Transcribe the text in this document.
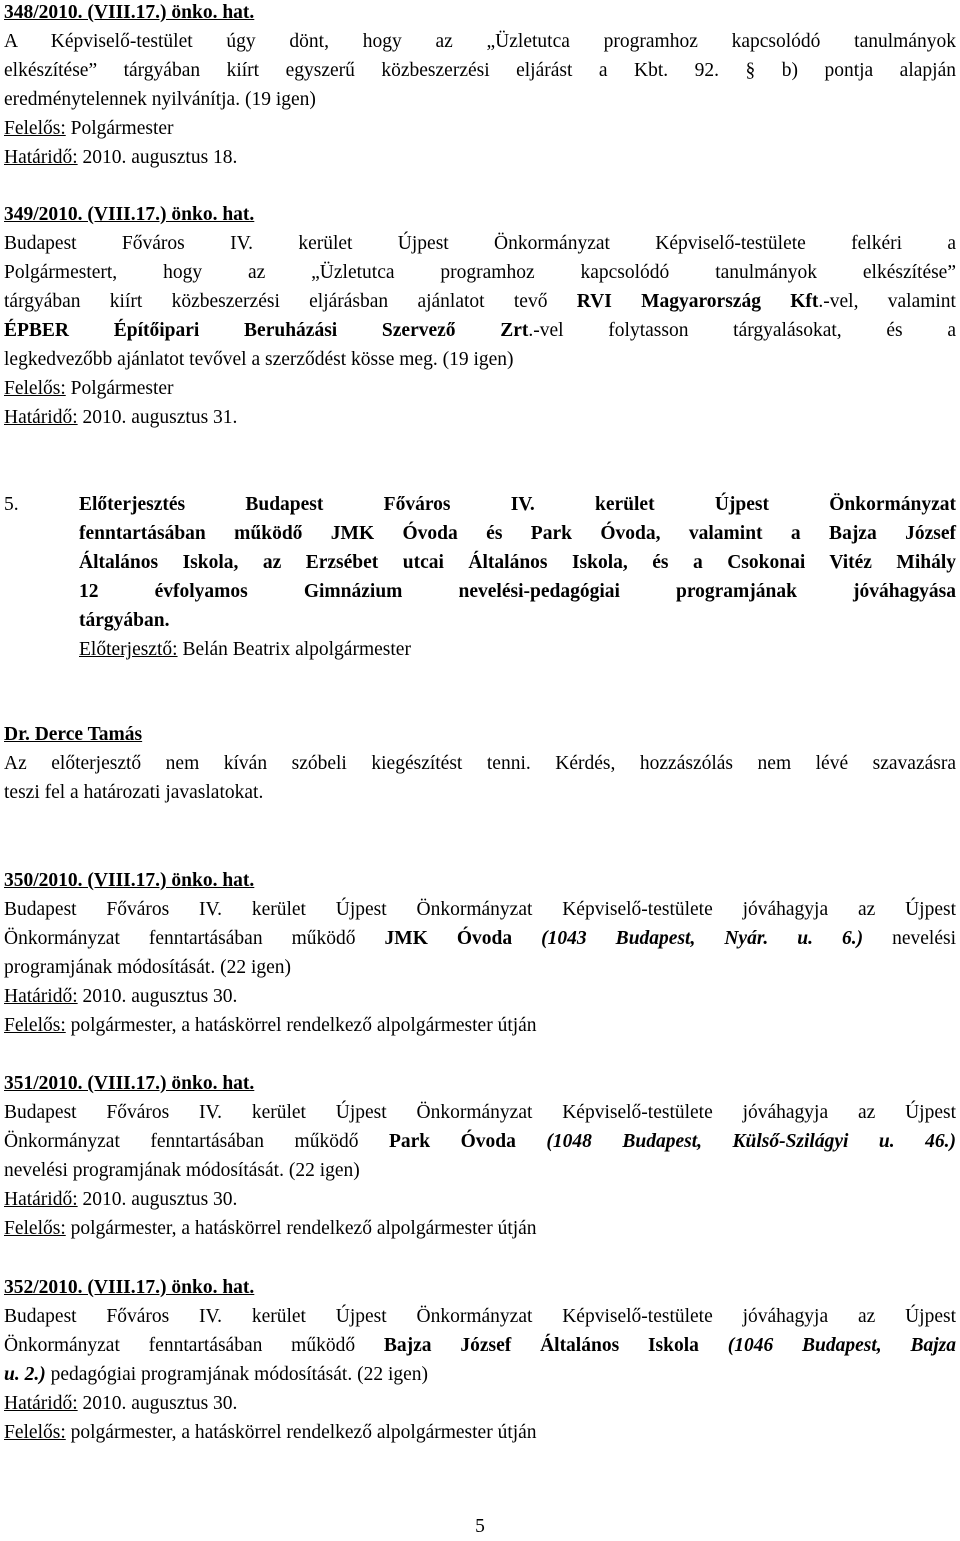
348/2010. (VIII.17.) önko. hat.
A Képviselő-testület úgy dönt, hogy az „Üzletutca programhoz kapcsolódó tanulmányok
elkészítése” tárgyában kiírt egyszerű közbeszerzési eljárást a Kbt. 92. § b) pontja alapján
eredménytelennek nyilvánítja. (19 igen)
Felelős: Polgármester
Határidő: 2010. augusztus 18.
349/2010. (VIII.17.) önko. hat.
Budapest Főváros IV. kerület Újpest Önkormányzat Képviselő-testülete felkéri a
Polgármestert, hogy az „Üzletutca programhoz kapcsolódó tanulmányok elkészítése”
tárgyában kiírt közbeszerzési eljárásban ajánlatot tevő RVI Magyarország Kft.-vel, valamint
ÉPBER Építőipari Beruházási Szervező Zrt.-vel folytasson tárgyalásokat, és a
legkedvezőbb ajánlatot tevővel a szerződést kösse meg. (19 igen)
Felelős: Polgármester
Határidő: 2010. augusztus 31.
5.	Előterjesztés Budapest Főváros IV. kerület Újpest Önkormányzat
fenntartásában működő JMK Óvoda és Park Óvoda, valamint a Bajza József
Általános Iskola, az Erzsébet utcai Általános Iskola, és a Csokonai Vitéz Mihály
12 évfolyamos Gimnázium nevelési-pedagógiai programjának jóváhagyása
tárgyában.
Előterjesztő: Belán Beatrix alpolgármester
Dr. Derce Tamás
Az előterjesztő nem kíván szóbeli kiegészítést tenni. Kérdés, hozzászólás nem lévé szavazásra
teszi fel a határozati javaslatokat.
350/2010. (VIII.17.) önko. hat.
Budapest Főváros IV. kerület Újpest Önkormányzat Képviselő-testülete jóváhagyja az Újpest
Önkormányzat fenntartásában működő JMK Óvoda (1043 Budapest, Nyár. u. 6.) nevelési
programjának módosítását. (22 igen)
Határidő: 2010. augusztus 30.
Felelős: polgármester, a hatáskörrel rendelkező alpolgármester útján
351/2010. (VIII.17.) önko. hat.
Budapest Főváros IV. kerület Újpest Önkormányzat Képviselő-testülete jóváhagyja az Újpest
Önkormányzat fenntartásában működő Park Óvoda (1048 Budapest, Külső-Szilágyi u. 46.)
nevelési programjának módosítását. (22 igen)
Határidő: 2010. augusztus 30.
Felelős: polgármester, a hatáskörrel rendelkező alpolgármester útján
352/2010. (VIII.17.) önko. hat.
Budapest Főváros IV. kerület Újpest Önkormányzat Képviselő-testülete jóváhagyja az Újpest
Önkormányzat fenntartásában működő Bajza József Általános Iskola (1046 Budapest, Bajza
u. 2.) pedagógiai programjának módosítását. (22 igen)
Határidő: 2010. augusztus 30.
Felelős: polgármester, a hatáskörrel rendelkező alpolgármester útján
5
